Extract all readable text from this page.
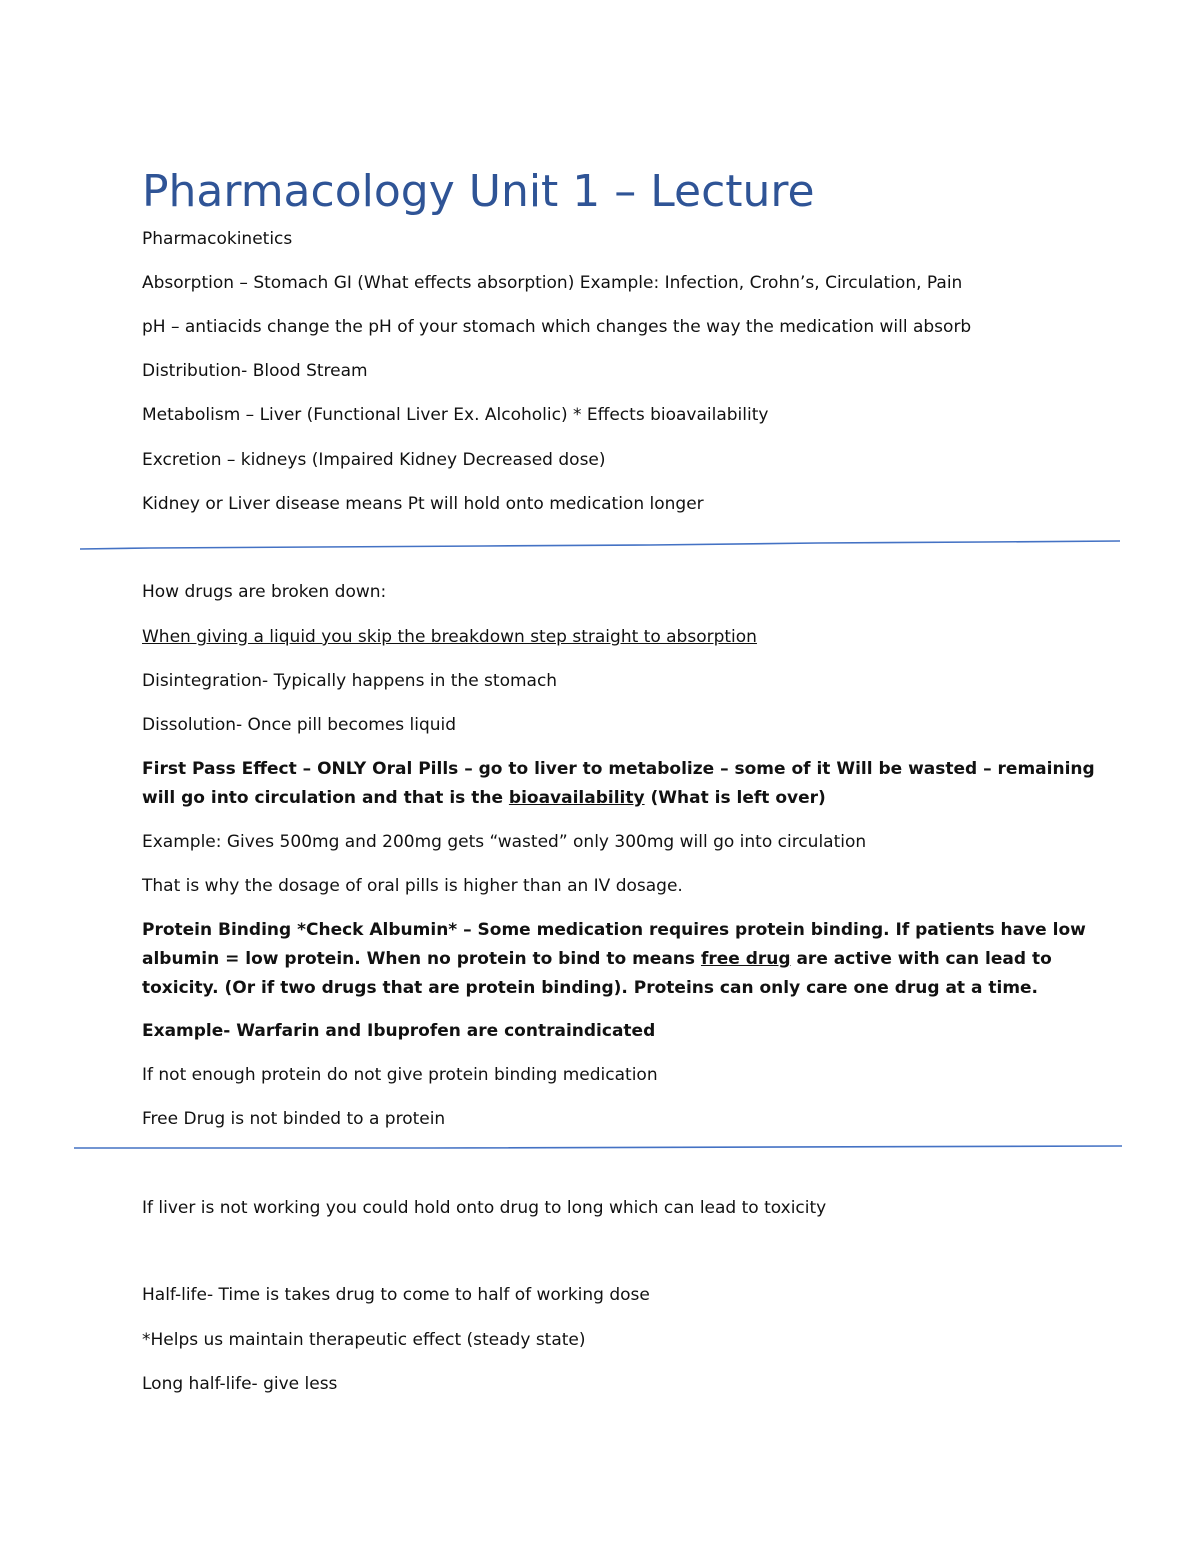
Pharmacology Unit 1 – Lecture

Pharmacokinetics

Absorption – Stomach GI (What effects absorption) Example: Infection, Crohn’s, Circulation, Pain

pH – antiacids change the pH of your stomach which changes the way the medication will absorb

Distribution- Blood Stream

Metabolism – Liver (Functional Liver Ex. Alcoholic) * Effects bioavailability

Excretion – kidneys (Impaired Kidney Decreased dose)

Kidney or Liver disease means Pt will hold onto medication longer

How drugs are broken down:

When giving a liquid you skip the breakdown step straight to absorption

Disintegration- Typically happens in the stomach

Dissolution- Once pill becomes liquid

First Pass Effect – ONLY Oral Pills – go to liver to metabolize – some of it Will be wasted – remaining

will go into circulation and that is the bioavailability (What is left over)

Example: Gives 500mg and 200mg gets “wasted” only 300mg will go into circulation

That is why the dosage of oral pills is higher than an IV dosage.

Protein Binding *Check Albumin* – Some medication requires protein binding. If patients have low

albumin = low protein. When no protein to bind to means free drug are active with can lead to

toxicity. (Or if two drugs that are protein binding). Proteins can only care one drug at a time.

Example- Warfarin and Ibuprofen are contraindicated

If not enough protein do not give protein binding medication

Free Drug is not binded to a protein

If liver is not working you could hold onto drug to long which can lead to toxicity

Half-life- Time is takes drug to come to half of working dose

*Helps us maintain therapeutic effect (steady state)

Long half-life- give less
